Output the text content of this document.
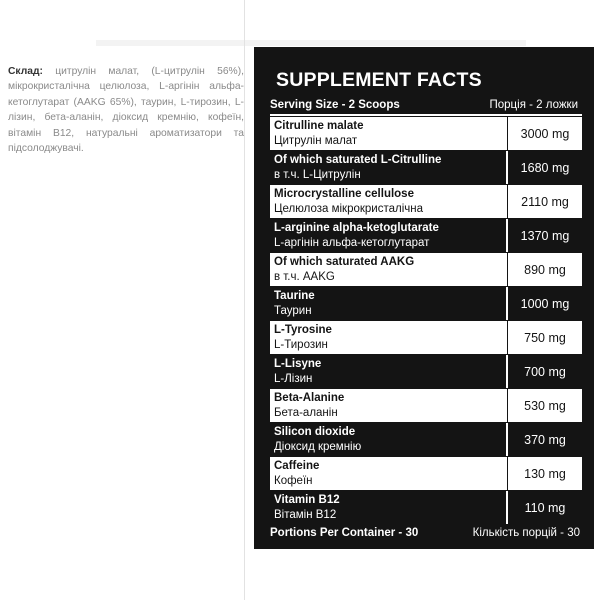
Склад: цитрулін малат, (L-цитрулін 56%), мікрокристалічна целюлоза, L-аргінін альфа-кетоглутарат (AAKG 65%), таурин, L-тирозин, L-лізин, бета-аланін, діоксид кремнію, кофеїн, вітамін B12, натуральні ароматизатори та підсолоджувачі.
SUPPLEMENT FACTS
Serving Size - 2 Scoops	Порція - 2 ложки
Citrulline malate
Цитрулін малат
3000 mg
Of which saturated L-Citrulline
в т.ч. L-Цитрулін
1680 mg
Microcrystalline cellulose
Целюлоза мікрокристалічна
2110 mg
L-arginine alpha-ketoglutarate
L-аргінін альфа-кетоглутарат
1370 mg
Of which saturated AAKG
в т.ч. AAKG
890 mg
Taurine
Таурин
1000 mg
L-Tyrosine
L-Тирозин
750 mg
L-Lisyne
L-Лізин
700 mg
Beta-Alanine
Бета-аланін
530 mg
Silicon dioxide
Діоксид кремнію
370 mg
Caffeine
Кофеїн
130 mg
Vitamin B12
Вітамін B12
110 mg
Portions Per Container - 30	Кількість порцій - 30
